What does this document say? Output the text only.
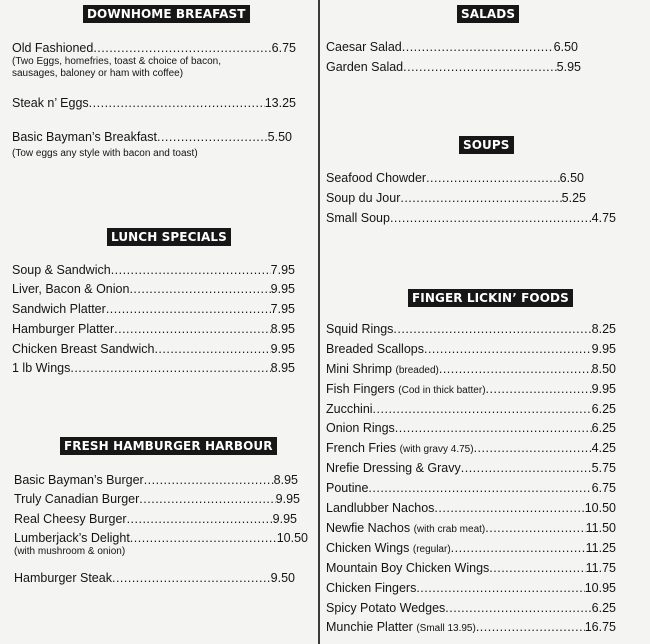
DOWNHOME BREAFAST
Old Fashioned .....	6.75
(Two Eggs, homefries, toast & choice of bacon,
sausages, baloney or ham with coffee)
Steak n’ Eggs .....	13.25
Basic Bayman’s Breakfast .....	5.50
(Tow eggs any style with bacon and toast)
LUNCH SPECIALS
Soup & Sandwich .....	7.95
Liver, Bacon & Onion .....	9.95
Sandwich Platter .....	7.95
Hamburger Platter .....	8.95
Chicken Breast Sandwich .....	9.95
1 lb Wings .....	8.95
FRESH HAMBURGER HARBOUR
Basic Bayman’s Burger .....	8.95
Truly Canadian Burger .....	9.95
Real Cheesy Burger .....	9.95
Lumberjack’s Delight .....	10.50
(with mushroom & onion)
Hamburger Steak .....	9.50
SALADS
Caesar Salad .....	6.50
Garden Salad .....	5.95
SOUPS
Seafood Chowder .....	6.50
Soup du Jour .....	5.25
Small Soup .....	4.75
FINGER LICKIN’ FOODS
Squid Rings .....	8.25
Breaded Scallops .....	9.95
Mini Shrimp (breaded) .....	8.50
Fish Fingers (Cod in thick batter) .....	9.95
Zucchini .....	6.25
Onion Rings .....	6.25
French Fries (with gravy 4.75) .....	4.25
Nrefie Dressing & Gravy .....	5.75
Poutine .....	6.75
Landlubber Nachos .....	10.50
Newfie Nachos (with crab meat) .....	11.50
Chicken Wings (regular) .....	11.25
Mountain Boy Chicken Wings .....	11.75
Chicken Fingers .....	10.95
Spicy Potato Wedges .....	6.25
Munchie Platter (Small 13.95) .....	16.75
